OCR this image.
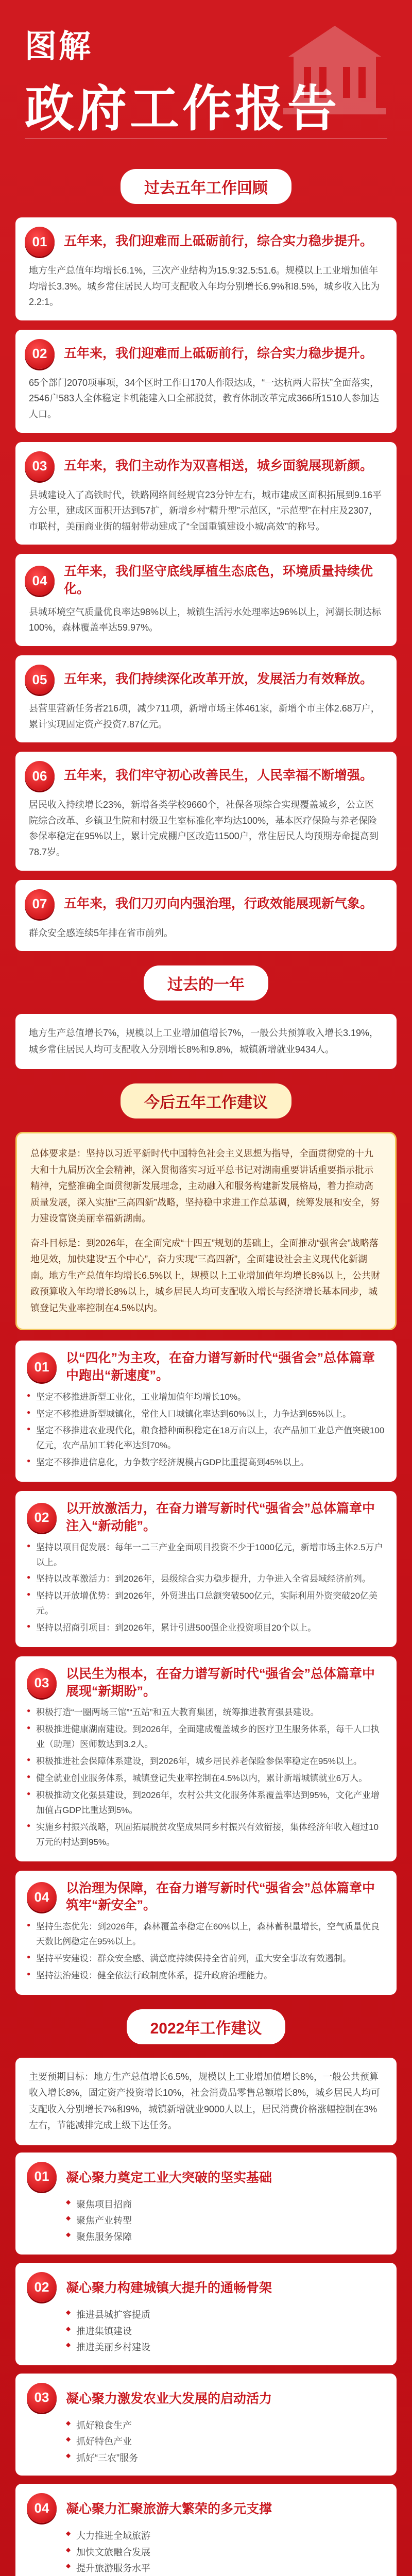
图解
政府工作报告
过去五年工作回顾
01	五年来，我们迎难而上砥砺前行，综合实力稳步提升。
地方生产总值年均增长6.1%，三次产业结构为15.9:32.5:51.6。规模以上工业增加值年均增长3.3%。城乡常住居民人均可支配收入年均分别增长6.9%和8.5%，城乡收入比为2.2:1。
02	五年来，我们迎难而上砥砺前行，综合实力稳步提升。
65个部门2070项事项，34个区时工作日170人作限达成，“一达杭两大帮扶”全面落实，2546户583人全体稳定卡机能建入口全部脱贫，教育体制改革完成366所1510人参加达人口。
03	五年来，我们主动作为双喜相送，城乡面貌展现新颜。
县城建设入了高铁时代，铁路网络间经规官23分钟左右，城市建成区面积拓展到9.16平方公里，建成区面积开达到57扩，新增乡村“精升型”示范区，“示范型”在村庄及2307，市联村，美丽商业街的辐射带动建成了“全国重镇建设小城/高效”的称号。
04
五年来，我们坚守底线厚植生态底色，环境质量持续优化。
县城环境空气质量优良率达98%以上，城镇生活污水处理率达96%以上，河湖长制达标100%，森林覆盖率达59.97%。
05	五年来，我们持续深化改革开放，发展活力有效释放。
县营里营新任务者216项，减少711项，新增市场主体461家，新增个市主体2.68万户，累计实现固定资产投资7.87亿元。
06	五年来，我们牢守初心改善民生，人民幸福不断增强。
居民收入持续增长23%，新增各类学校9660个，社保各项综合实现覆盖城乡，公立医院综合改革、乡镇卫生院和村级卫生室标准化率均达100%，基本医疗保险与养老保险参保率稳定在95%以上，累计完成棚户区改造11500户，常住居民人均预期寿命提高到78.7岁。
07	五年来，我们刀刃向内强治理，行政效能展现新气象。
群众安全感连续5年排在省市前列。
过去的一年
地方生产总值增长7%，规模以上工业增加值增长7%，一般公共预算收入增长3.19%，城乡常住居民人均可支配收入分别增长8%和9.8%，城镇新增就业9434人。
今后五年工作建议

总体要求是：坚持以习近平新时代中国特色社会主义思想为指导，全面贯彻党的十九大和十九届历次全会精神，深入贯彻落实习近平总书记对湖南重要讲话重要指示批示精神，完整准确全面贯彻新发展理念，主动融入和服务构建新发展格局，着力推动高质量发展，深入实施“三高四新”战略，坚持稳中求进工作总基调，统筹发展和安全，努力建设富饶美丽幸福新湖南。

奋斗目标是：到2026年，在全面完成“十四五”规划的基础上，全面推动“强省会”战略落地见效，加快建设“五个中心”，奋力实现“三高四新”，全面建设社会主义现代化新湖南。地方生产总值年均增长6.5%以上，规模以上工业增加值年均增长8%以上，公共财政预算收入年均增长8%以上，城乡居民人均可支配收入增长与经济增长基本同步，城镇登记失业率控制在4.5%以内。

01
以“四化”为主攻，在奋力谱写新时代“强省会”总体篇章中跑出“新速度”。
● 坚定不移推进新型工业化，工业增加值年均增长10%。
● 坚定不移推进新型城镇化，常住人口城镇化率达到60%以上，力争达到65%以上。
● 坚定不移推进农业现代化，粮食播种面积稳定在18万亩以上，农产品加工业总产值突破100亿元，农产品加工转化率达到70%。
● 坚定不移推进信息化，力争数字经济规模占GDP比重提高到45%以上。
02
以开放激活力，在奋力谱写新时代“强省会”总体篇章中注入“新动能”。
● 坚持以项目促发展：每年一二三产业全面项目投资不少于1000亿元，新增市场主体2.5万户以上。
● 坚持以改革激活力：到2026年，县级综合实力稳步提升，力争进入全省县域经济前列。
● 坚持以开放增优势：到2026年，外贸进出口总额突破500亿元，实际利用外资突破20亿美元。
● 坚持以招商引项目：到2026年，累计引进500强企业投资项目20个以上。
03
以民生为根本，在奋力谱写新时代“强省会”总体篇章中展现“新期盼”。
● 积极打造“一圈两场三馆”“五站”和五大教育集团，统筹推进教育强县建设。
● 积极推进健康湖南建设。到2026年，全面建成覆盖城乡的医疗卫生服务体系，每千人口执业（助理）医师数达到3.2人。
● 积极推进社会保障体系建设，到2026年，城乡居民养老保险参保率稳定在95%以上。
● 健全就业创业服务体系，城镇登记失业率控制在4.5%以内，累计新增城镇就业6万人。
● 积极推动文化强县建设，到2026年，农村公共文化服务体系覆盖率达到95%，文化产业增加值占GDP比重达到5%。
● 实施乡村振兴战略，巩固拓展脱贫攻坚成果同乡村振兴有效衔接，集体经济年收入超过10万元的村达到95%。
04
以治理为保障，在奋力谱写新时代“强省会”总体篇章中筑牢“新安全”。
● 坚持生态优先：到2026年，森林覆盖率稳定在60%以上，森林蓄积量增长，空气质量优良天数比例稳定在95%以上。
● 坚持平安建设：群众安全感、满意度持续保持全省前列，重大安全事故有效遏制。
● 坚持法治建设：健全依法行政制度体系，提升政府治理能力。
2022年工作建议
主要预期目标：地方生产总值增长6.5%，规模以上工业增加值增长8%，一般公共预算收入增长8%，固定资产投资增长10%，社会消费品零售总额增长8%，城乡居民人均可支配收入分别增长7%和9%，城镇新增就业9000人以上，居民消费价格涨幅控制在3%左右，节能减排完成上级下达任务。
01	凝心聚力奠定工业大突破的坚实基础
◆ 聚焦项目招商
◆ 聚焦产业转型
◆ 聚焦服务保障
02	凝心聚力构建城镇大提升的通畅骨架
◆ 推进县城扩容提质
◆ 推进集镇建设
◆ 推进美丽乡村建设
03	凝心聚力激发农业大发展的启动活力
◆ 抓好粮食生产
◆ 抓好特色产业
◆ 抓好“三农”服务
04	凝心聚力汇聚旅游大繁荣的多元支撑
◆ 大力推进全域旅游
◆ 加快文旅融合发展
◆ 提升旅游服务水平
